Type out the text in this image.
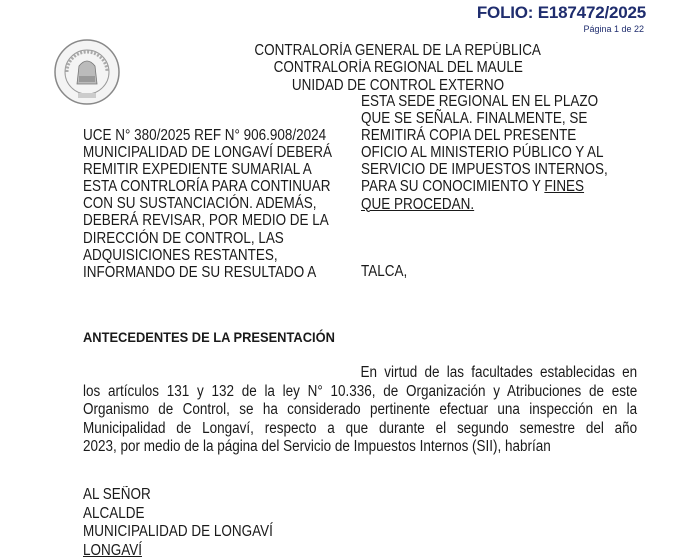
FOLIO: E187472/2025
Página 1 de 22
CONTRALORÍA GENERAL DE LA REPÚBLICA
CONTRALORÍA REGIONAL DEL MAULE
UNIDAD DE CONTROL EXTERNO
UCE N° 380/2025 REF N° 906.908/2024
MUNICIPALIDAD DE LONGAVÍ DEBERÁ
REMITIR EXPEDIENTE SUMARIAL A
ESTA CONTRLORÍA PARA CONTINUAR
CON SU SUSTANCIACIÓN. ADEMÁS,
DEBERÁ REVISAR, POR MEDIO DE LA
DIRECCIÓN DE CONTROL, LAS
ADQUISICIONES RESTANTES,
INFORMANDO DE SU RESULTADO A
ESTA SEDE REGIONAL EN EL PLAZO
QUE SE SEÑALA. FINALMENTE, SE
REMITIRÁ COPIA DEL PRESENTE
OFICIO AL MINISTERIO PÚBLICO Y AL
SERVICIO DE IMPUESTOS INTERNOS,
PARA SU CONOCIMIENTO Y FINES
QUE PROCEDAN.
TALCA,
ANTECEDENTES DE LA PRESENTACIÓN
En virtud de las facultades establecidas en
los artículos 131 y 132 de la ley N° 10.336, de Organización y Atribuciones de este
Organismo de Control, se ha considerado pertinente efectuar una inspección en la
Municipalidad de Longaví, respecto a que durante el segundo semestre del año
2023, por medio de la página del Servicio de Impuestos Internos (SII), habrían
AL SEÑOR
ALCALDE
MUNICIPALIDAD DE LONGAVÍ
LONGAVÍ
